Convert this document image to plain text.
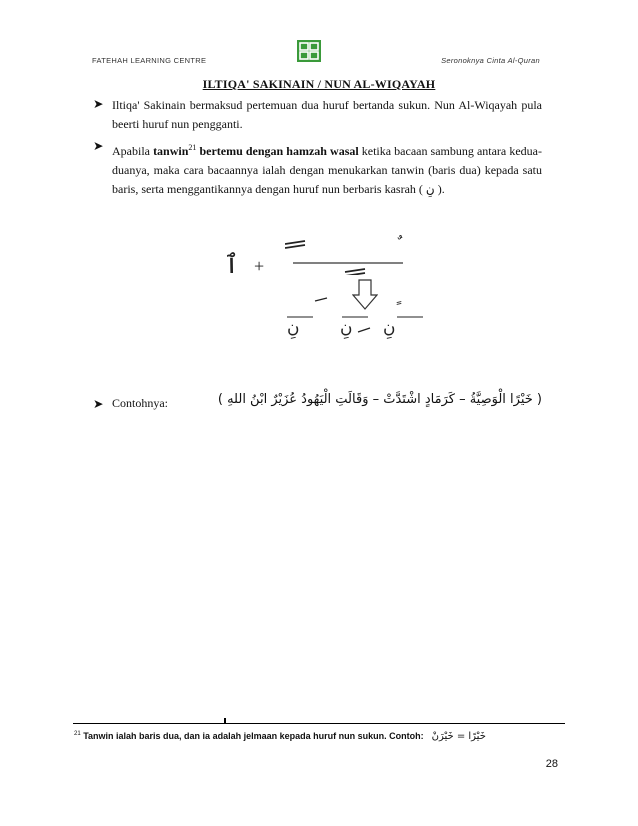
FATEHAH LEARNING CENTRE	Seronoknya Cinta Al-Quran
ILTIQA' SAKINAIN / NUN AL-WIQAYAH
➤ Iltiqa' Sakinain bermaksud pertemuan dua huruf bertanda sukun. Nun Al-Wiqayah pula beerti huruf nun pengganti.
➤ Apabila tanwin$^{21}$ bertemu dengan hamzah wasal ketika bacaan sambung antara kedua-duanya, maka cara bacaannya ialah dengan menukarkan tanwin (baris dua) kepada satu baris, serta menggantikannya dengan huruf nun berbaris kasrah ( نِ ).
ٱ +
نِ نِ نِ
➤ Contohnya:	( خَيْرًا الْوَصِيَّةُ – كَرَمَادٍ اشْتَدَّتْ – وَقَالَتِ الْيَهُودُ عُزَيْرٌ ابْنُ اللهِ )
$^{21}$ Tanwin ialah baris dua, dan ia adalah jelmaan kepada huruf nun sukun. Contoh: خَيْرًا = خَيْرَنْ
28
